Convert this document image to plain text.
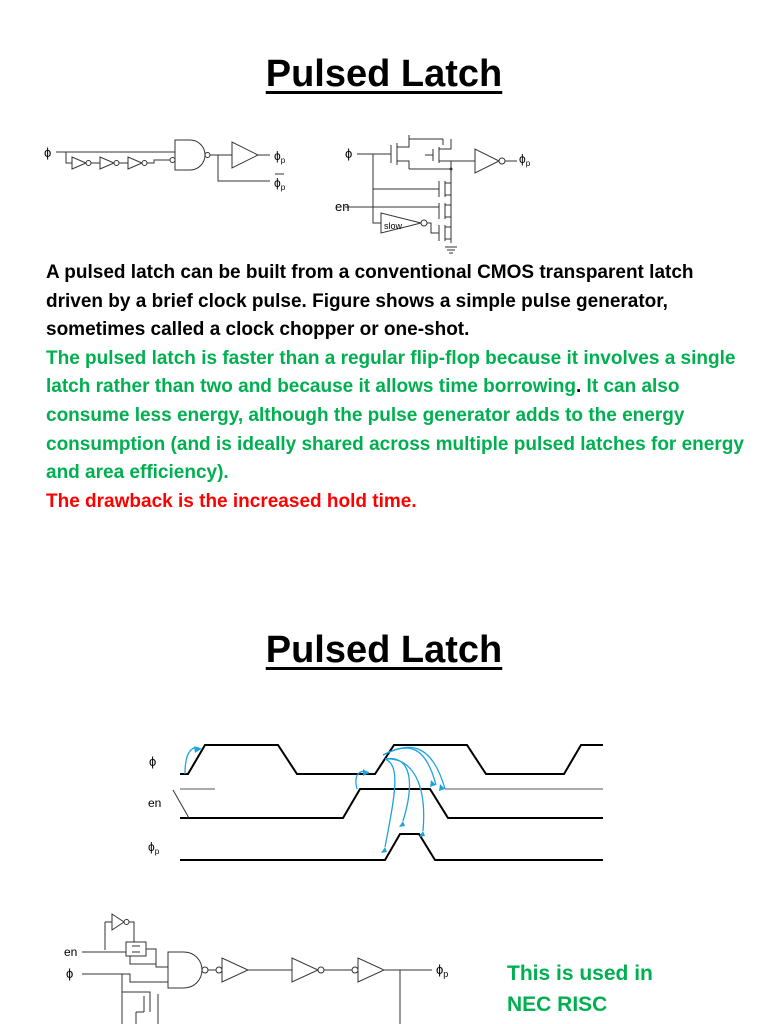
Pulsed Latch
ϕ	$\phi_p$
$\phi_p$
ϕ	$\phi_p$
en
slow

A pulsed latch can be built from a conventional CMOS transparent latch driven by a brief clock pulse. Figure shows a simple pulse generator, sometimes called a clock chopper or one-shot.

The pulsed latch is faster than a regular flip-flop because it involves a single latch rather than two and because it allows time borrowing. It can also consume less energy, although the pulse generator adds to the energy consumption (and is ideally shared across multiple pulsed latches for energy and area efficiency).

The drawback is the increased hold time.

Pulsed Latch
ϕ
en
$\phi_p$
en
ϕ	$\phi_p$	This is used in

NEC RISC
